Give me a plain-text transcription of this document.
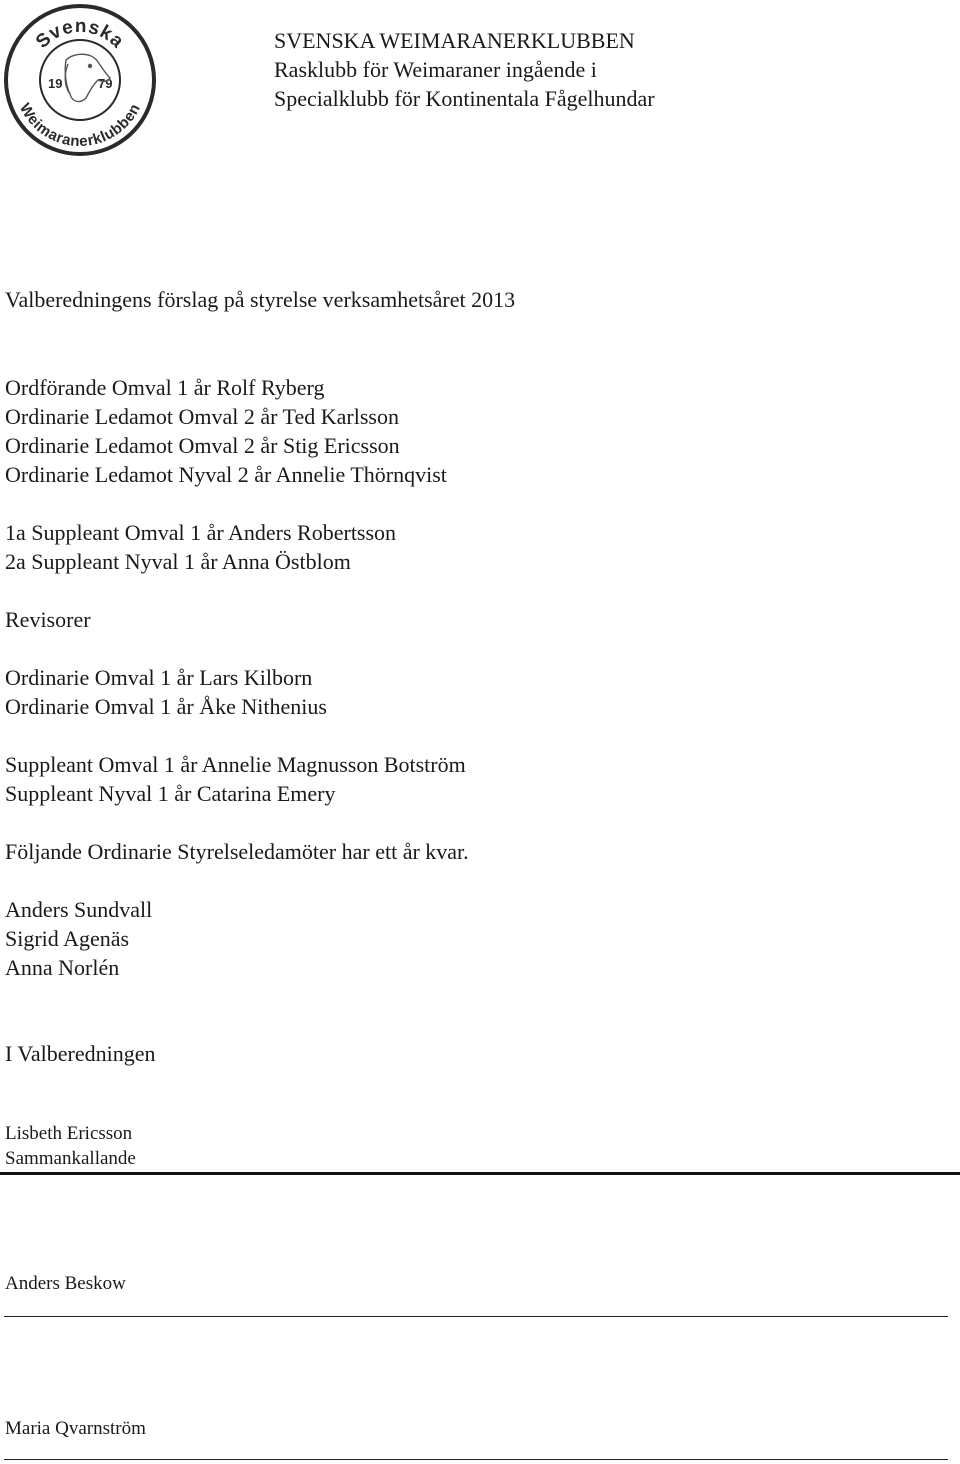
Svenska
Weimaranerklubben
19	79
SVENSKA WEIMARANERKLUBBEN
Rasklubb för Weimaraner ingående i
Specialklubb för Kontinentala Fågelhundar
Valberedningens förslag på styrelse verksamhetsåret 2013
Ordförande Omval 1 år Rolf Ryberg
Ordinarie Ledamot Omval 2 år Ted Karlsson
Ordinarie Ledamot Omval 2 år Stig Ericsson
Ordinarie Ledamot Nyval 2 år Annelie Thörnqvist
1a Suppleant Omval 1 år Anders Robertsson
2a Suppleant Nyval 1 år Anna Östblom
Revisorer
Ordinarie Omval 1 år Lars Kilborn
Ordinarie Omval 1 år Åke Nithenius
Suppleant Omval 1 år Annelie Magnusson Botström
Suppleant Nyval 1 år Catarina Emery
Följande Ordinarie Styrelseledamöter har ett år kvar.
Anders Sundvall
Sigrid Agenäs
Anna Norlén
I Valberedningen
Lisbeth Ericsson
Sammankallande
Anders Beskow
Maria Qvarnström
